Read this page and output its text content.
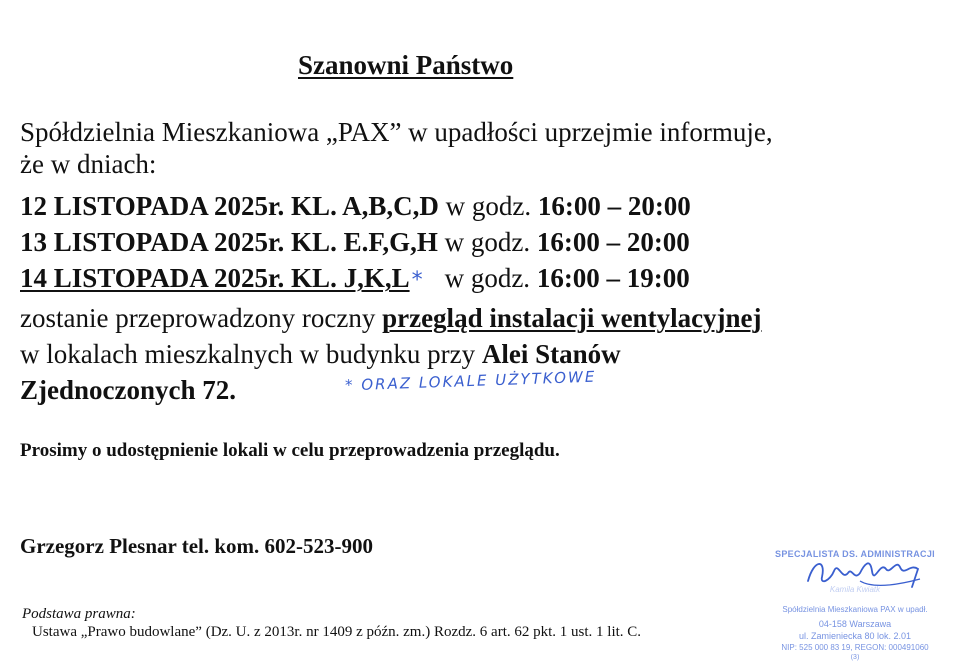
Szanowni Państwo
Spółdzielnia Mieszkaniowa „PAX” w upadłości uprzejmie informuje,
że w dniach:
12 LISTOPADA 2025r. KL. A,B,C,D w godz. 16:00 – 20:00
13 LISTOPADA 2025r. KL. E.F,G,H w godz. 16:00 – 20:00
14 LISTOPADA 2025r. KL. J,K,L* w godz. 16:00 – 19:00
zostanie przeprowadzony roczny przegląd instalacji wentylacyjnej
w lokalach mieszkalnych w budynku przy Alei Stanów
Zjednoczonych 72.	* ORAZ LOKALE UŻYTKOWE
Prosimy o udostępnienie lokali w celu przeprowadzenia przeglądu.
Grzegorz Plesnar tel. kom. 602-523-900
Podstawa prawna:
Ustawa „Prawo budowlane” (Dz. U. z 2013r. nr 1409 z późn. zm.) Rozdz. 6 art. 62 pkt. 1 ust. 1 lit. C.
SPECJALISTA DS. ADMINISTRACJI
Kamila Kwiatk
Spółdzielnia Mieszkaniowa PAX w upadł.
04-158 Warszawa
ul. Zamieniecka 80 lok. 2.01
NIP: 525 000 83 19, REGON: 000491060
(3)
